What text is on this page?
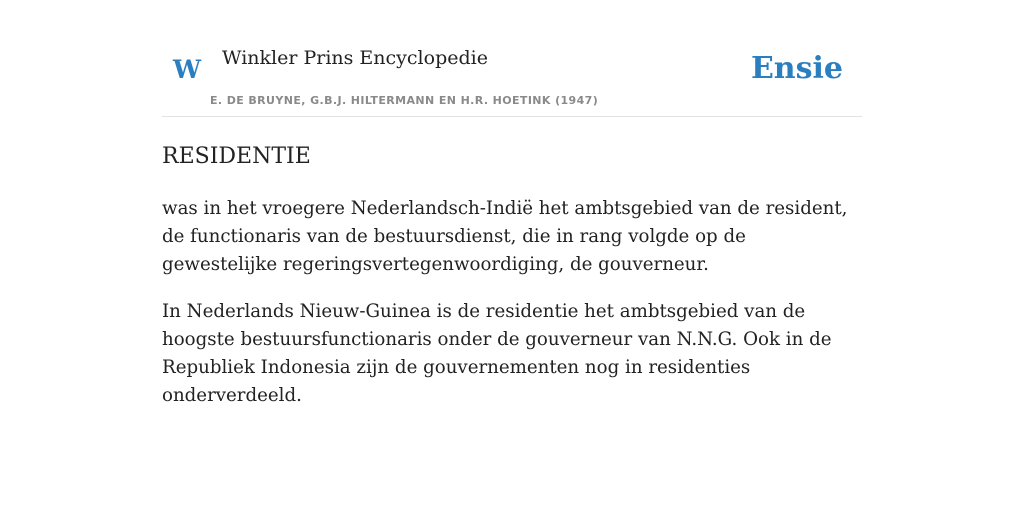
W Winkler Prins Encyclopedie
E. DE BRUYNE, G.B.J. HILTERMANN EN H.R. HOETINK (1947)
Ensie
RESIDENTIE

was in het vroegere Nederlandsch-Indië het ambtsgebied van de resident, de functionaris van de bestuursdienst, die in rang volgde op de gewestelijke regeringsvertegenwoordiging, de gouverneur.

In Nederlands Nieuw-Guinea is de residentie het ambtsgebied van de hoogste bestuursfunctionaris onder de gouverneur van N.N.G. Ook in de Republiek Indonesia zijn de gouvernementen nog in residenties onderverdeeld.
